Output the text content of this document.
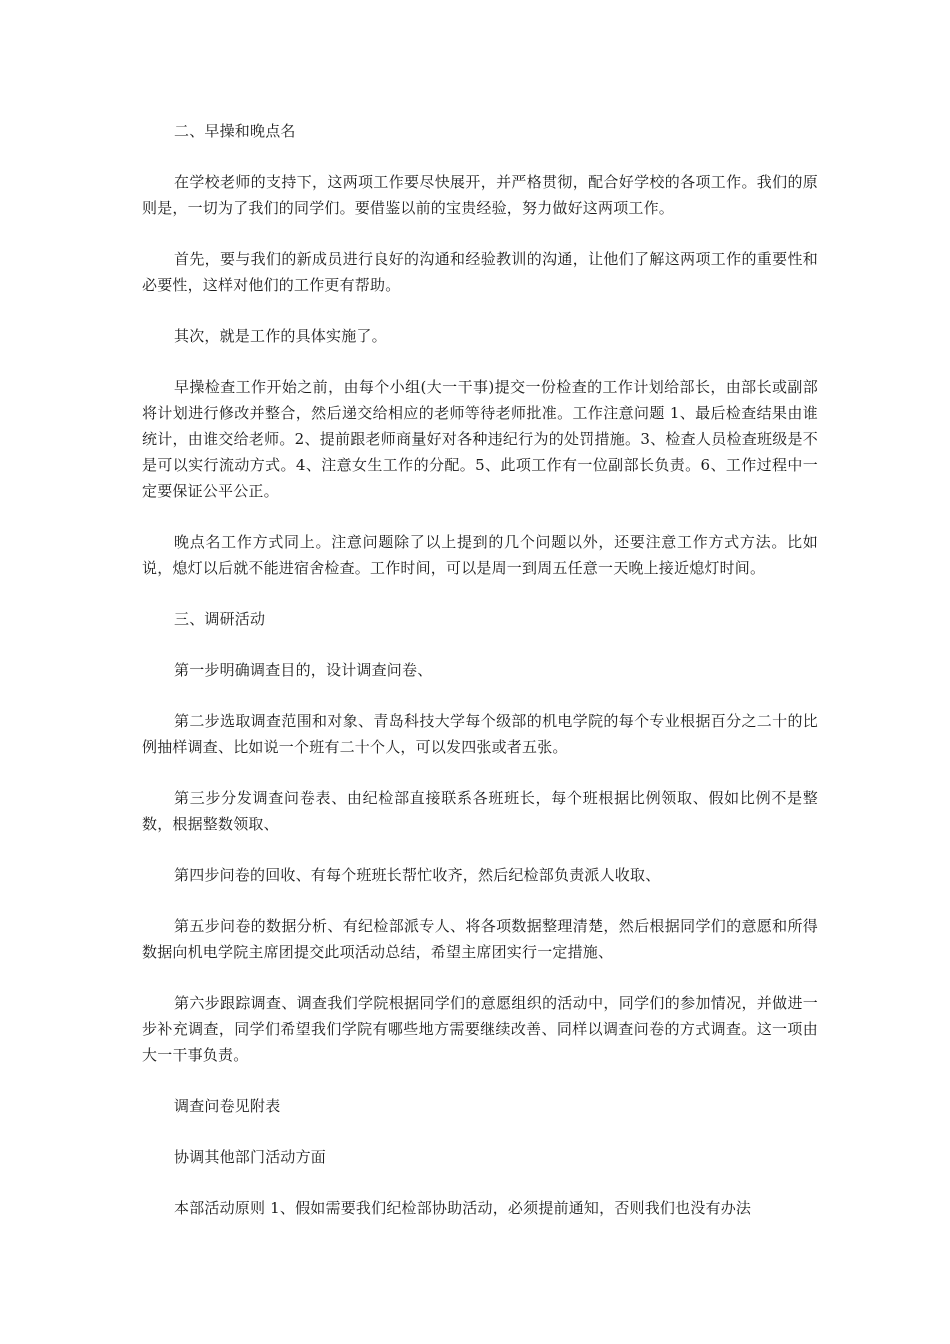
二、早操和晚点名

在学校老师的支持下，这两项工作要尽快展开，并严格贯彻，配合好学校的各项工作。我们的原则是，一切为了我们的同学们。要借鉴以前的宝贵经验，努力做好这两项工作。

首先，要与我们的新成员进行良好的沟通和经验教训的沟通，让他们了解这两项工作的重要性和必要性，这样对他们的工作更有帮助。

其次，就是工作的具体实施了。

早操检查工作开始之前，由每个小组(大一干事)提交一份检查的工作计划给部长，由部长或副部将计划进行修改并整合，然后递交给相应的老师等待老师批准。工作注意问题 1、最后检查结果由谁统计，由谁交给老师。2、提前跟老师商量好对各种违纪行为的处罚措施。3、检查人员检查班级是不是可以实行流动方式。4、注意女生工作的分配。5、此项工作有一位副部长负责。6、工作过程中一定要保证公平公正。

晚点名工作方式同上。注意问题除了以上提到的几个问题以外，还要注意工作方式方法。比如说，熄灯以后就不能进宿舍检查。工作时间，可以是周一到周五任意一天晚上接近熄灯时间。

三、调研活动

第一步明确调查目的，设计调查问卷、

第二步选取调查范围和对象、青岛科技大学每个级部的机电学院的每个专业根据百分之二十的比例抽样调查、比如说一个班有二十个人，可以发四张或者五张。

第三步分发调查问卷表、由纪检部直接联系各班班长，每个班根据比例领取、假如比例不是整数，根据整数领取、

第四步问卷的回收、有每个班班长帮忙收齐，然后纪检部负责派人收取、

第五步问卷的数据分析、有纪检部派专人、将各项数据整理清楚，然后根据同学们的意愿和所得数据向机电学院主席团提交此项活动总结，希望主席团实行一定措施、

第六步跟踪调查、调查我们学院根据同学们的意愿组织的活动中，同学们的参加情况，并做进一步补充调查，同学们希望我们学院有哪些地方需要继续改善、同样以调查问卷的方式调查。这一项由大一干事负责。

调查问卷见附表

协调其他部门活动方面

本部活动原则 1、假如需要我们纪检部协助活动，必须提前通知，否则我们也没有办法
